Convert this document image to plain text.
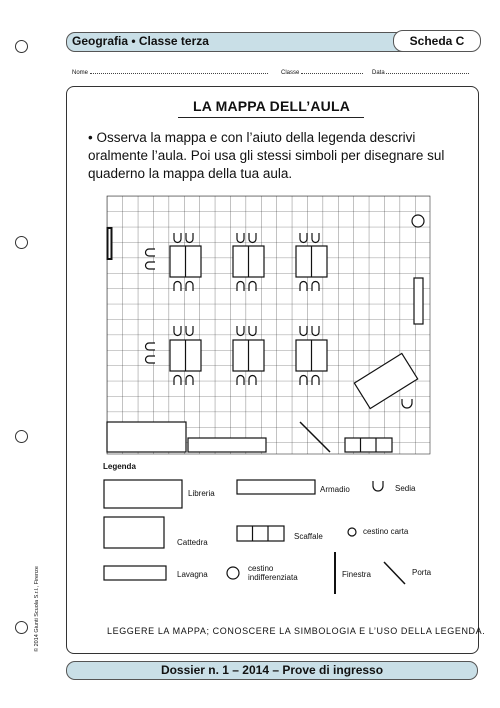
Geografia • Classe terza	Scheda C
Nome	Classe	Data
LA MAPPA DELL’AULA
• Osserva la mappa e con l’aiuto della legenda descrivi oralmente l’aula. Poi usa gli stessi simboli per disegnare sul quaderno la mappa della tua aula.
Legenda
Libreria	Armadio	Sedia
Cattedra
Scaffale
cestino carta
Lavagna
cestino
indifferenziata	Finestra	Porta
LEGGERE LA MAPPA; CONOSCERE LA SIMBOLOGIA E L’USO DELLA LEGENDA.
Dossier n. 1 – 2014 – Prove di ingresso
© 2014 Giunti Scuola S.r.l., Firenze
